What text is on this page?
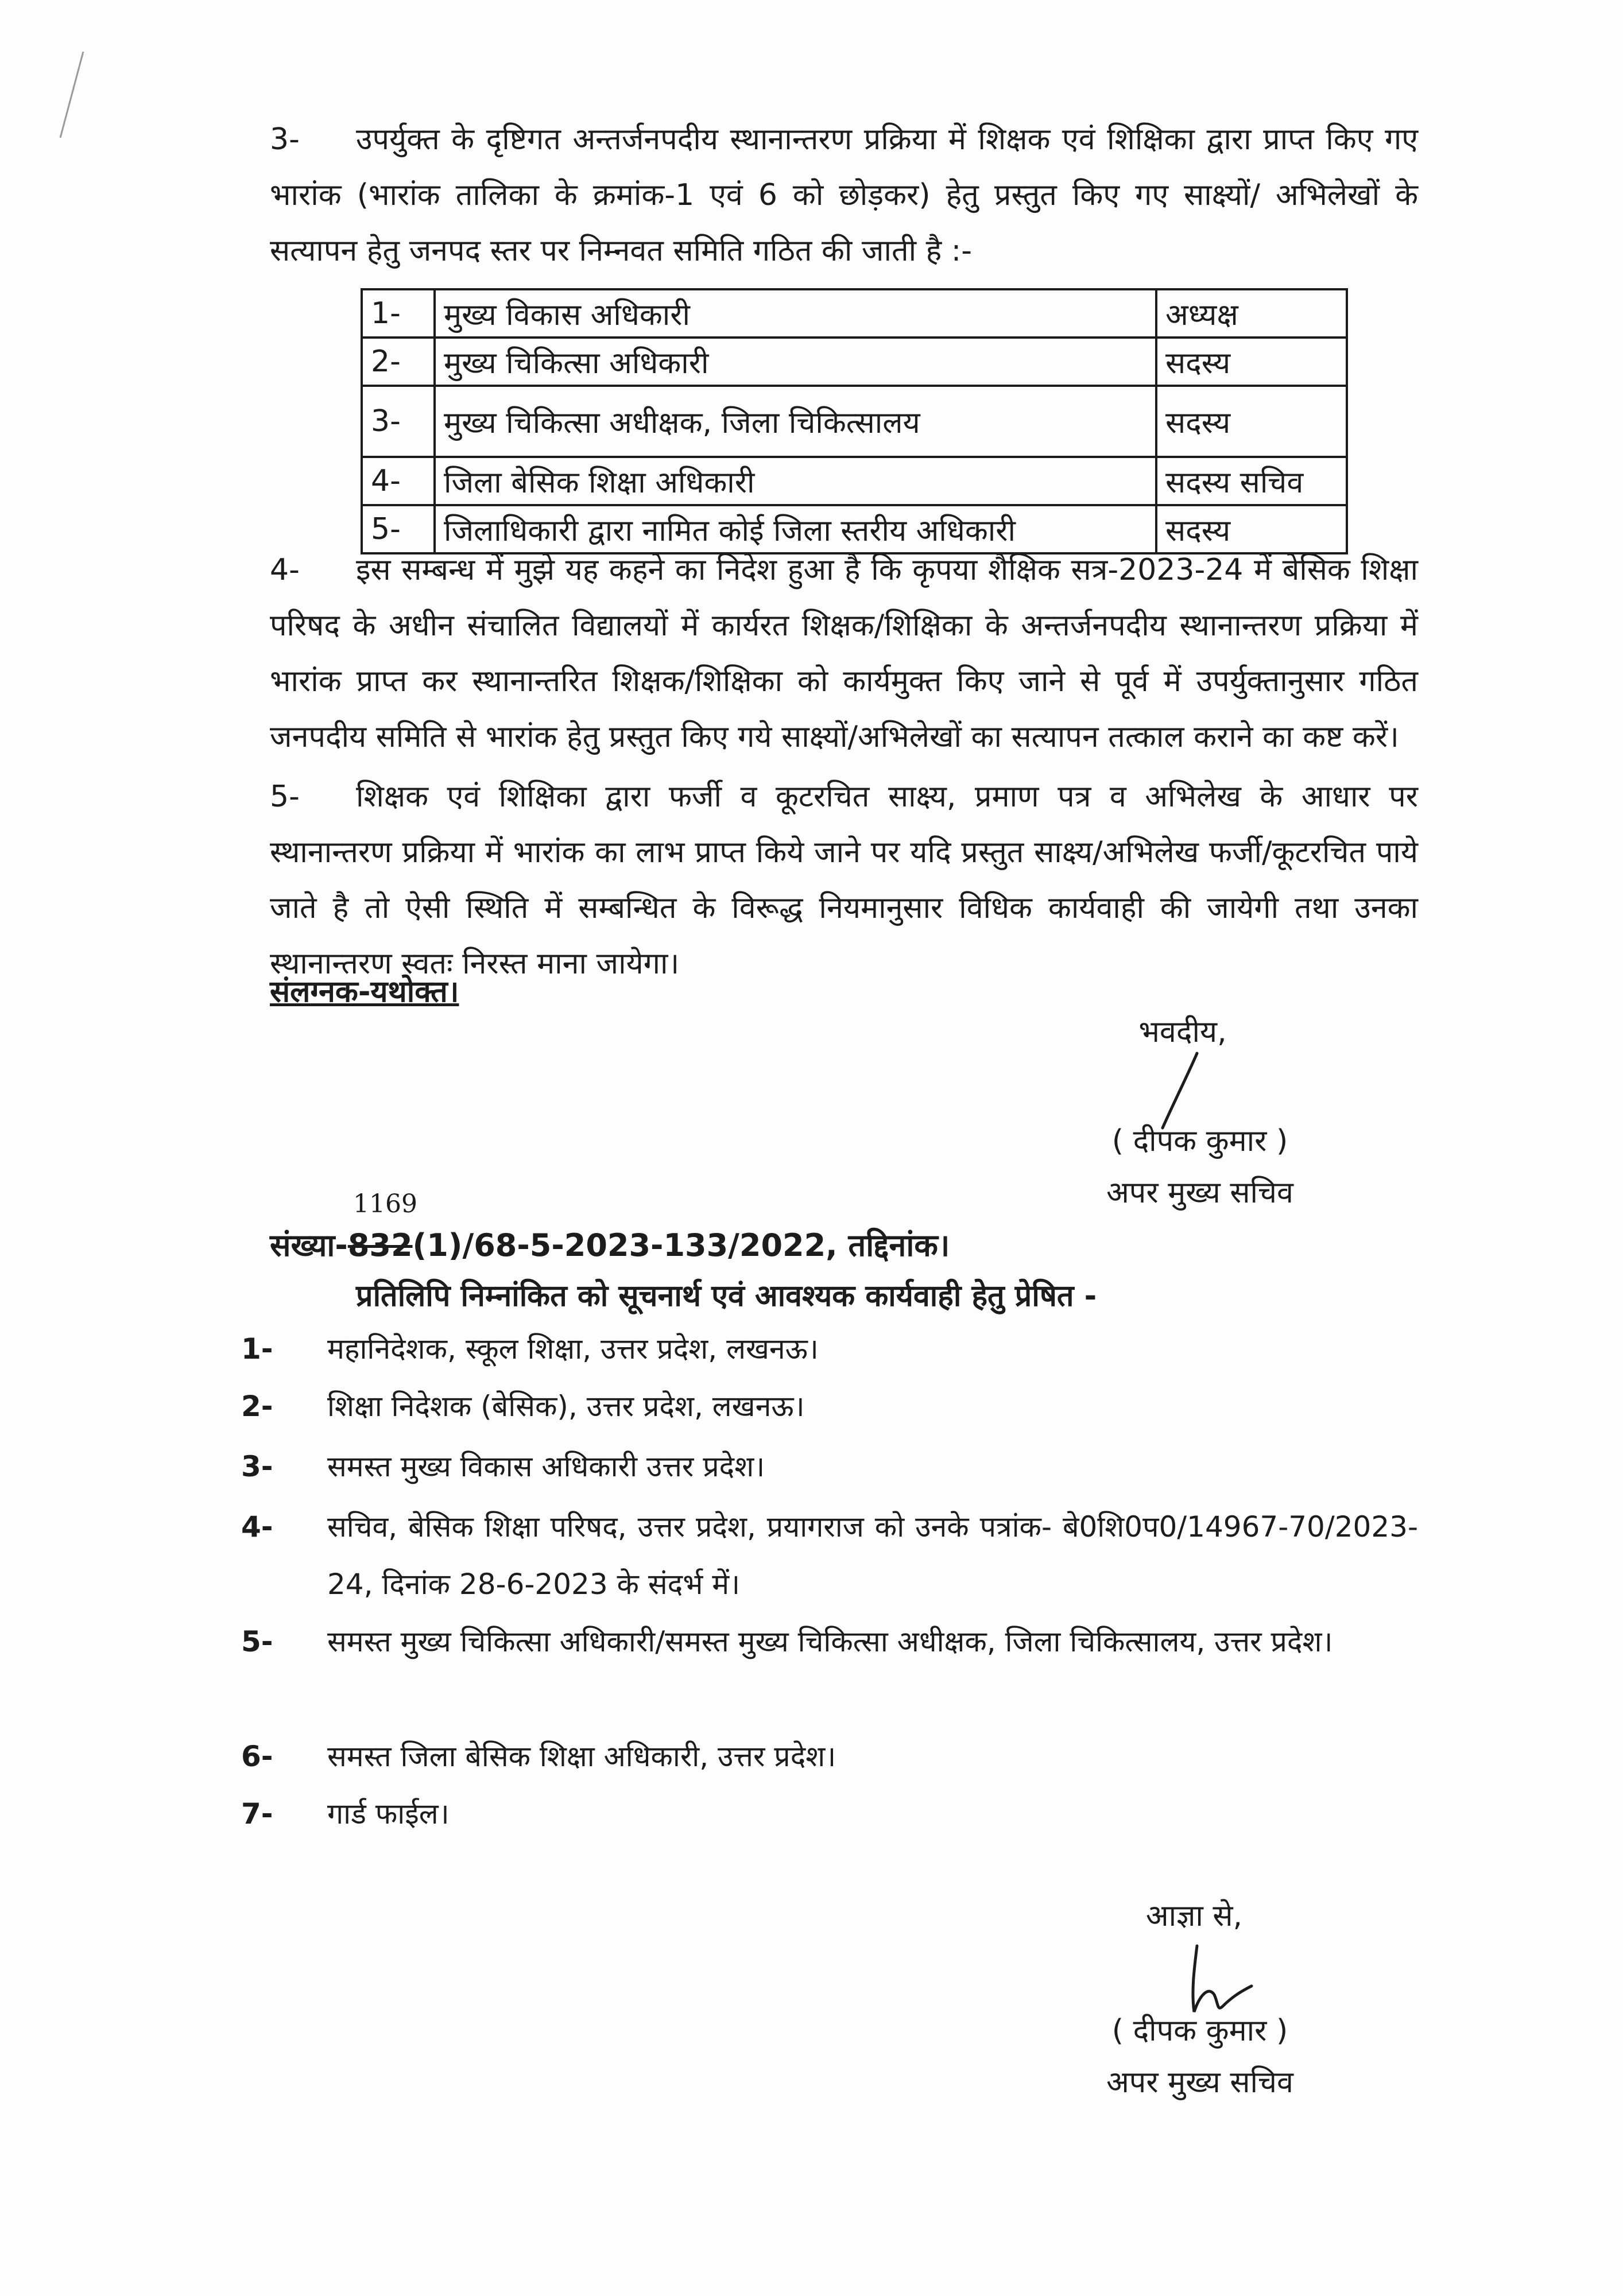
3- उपर्युक्त के दृष्टिगत अन्तर्जनपदीय स्थानान्तरण प्रक्रिया में शिक्षक एवं शिक्षिका द्वारा प्राप्त किए गए भारांक (भारांक तालिका के क्रमांक-1 एवं 6 को छोड़कर) हेतु प्रस्तुत किए गए साक्ष्यों/ अभिलेखों के सत्यापन हेतु जनपद स्तर पर निम्नवत समिति गठित की जाती है :-
1-	मुख्य विकास अधिकारी	अध्यक्ष
2-	मुख्य चिकित्सा अधिकारी	सदस्य
3-	मुख्य चिकित्सा अधीक्षक, जिला चिकित्सालय	सदस्य
4-	जिला बेसिक शिक्षा अधिकारी	सदस्य सचिव
5-	जिलाधिकारी द्वारा नामित कोई जिला स्तरीय अधिकारी	सदस्य
4- इस सम्बन्ध में मुझे यह कहने का निदेश हुआ है कि कृपया शैक्षिक सत्र-2023-24 में बेसिक शिक्षा परिषद के अधीन संचालित विद्यालयों में कार्यरत शिक्षक/शिक्षिका के अन्तर्जनपदीय स्थानान्तरण प्रक्रिया में भारांक प्राप्त कर स्थानान्तरित शिक्षक/शिक्षिका को कार्यमुक्त किए जाने से पूर्व में उपर्युक्तानुसार गठित जनपदीय समिति से भारांक हेतु प्रस्तुत किए गये साक्ष्यों/अभिलेखों का सत्यापन तत्काल कराने का कष्ट करें।
5- शिक्षक एवं शिक्षिका द्वारा फर्जी व कूटरचित साक्ष्य, प्रमाण पत्र व अभिलेख के आधार पर स्थानान्तरण प्रक्रिया में भारांक का लाभ प्राप्त किये जाने पर यदि प्रस्तुत साक्ष्य/अभिलेख फर्जी/कूटरचित पाये जाते है तो ऐसी स्थिति में सम्बन्धित के विरूद्ध नियमानुसार विधिक कार्यवाही की जायेगी तथा उनका स्थानान्तरण स्वतः निरस्त माना जायेगा।
संलग्नक-यथोक्त।
भवदीय,
( दीपक कुमार )
अपर मुख्य सचिव
संख्या-832(1)/68-5-2023-133/2022, तद्दिनांक।
1169
प्रतिलिपि निम्नांकित को सूचनार्थ एवं आवश्यक कार्यवाही हेतु प्रेषित -
1- महानिदेशक, स्कूल शिक्षा, उत्तर प्रदेश, लखनऊ।
2- शिक्षा निदेशक (बेसिक), उत्तर प्रदेश, लखनऊ।
3- समस्त मुख्य विकास अधिकारी उत्तर प्रदेश।
4- सचिव, बेसिक शिक्षा परिषद, उत्तर प्रदेश, प्रयागराज को उनके पत्रांक- बे0शि0प0/14967-70/2023-24, दिनांक 28-6-2023 के संदर्भ में।
5- समस्त मुख्य चिकित्सा अधिकारी/समस्त मुख्य चिकित्सा अधीक्षक, जिला चिकित्सालय, उत्तर प्रदेश।
6- समस्त जिला बेसिक शिक्षा अधिकारी, उत्तर प्रदेश।
7- गार्ड फाईल।
आज्ञा से,
( दीपक कुमार )
अपर मुख्य सचिव
